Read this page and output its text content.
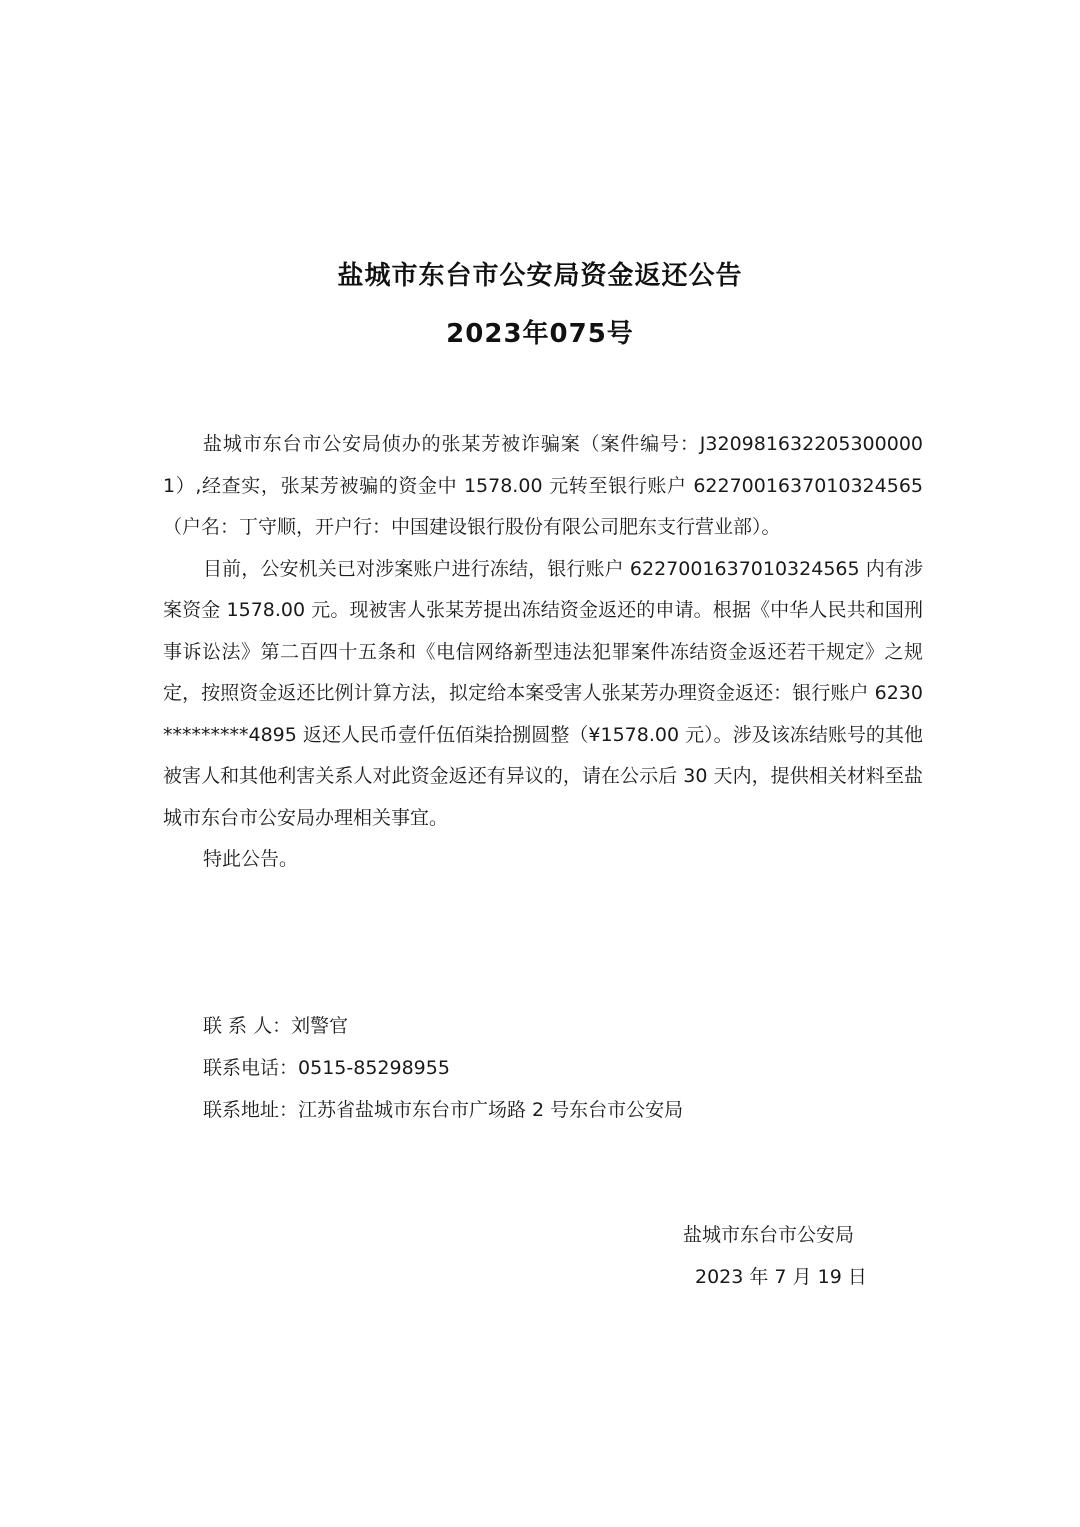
盐城市东台市公安局资金返还公告
2023年075号

盐城市东台市公安局侦办的张某芳被诈骗案（案件编号：J3209816322053000001）,经查实，张某芳被骗的资金中 1578.00 元转至银行账户 6227001637010324565（户名：丁守顺，开户行：中国建设银行股份有限公司肥东支行营业部）。

目前，公安机关已对涉案账户进行冻结，银行账户 6227001637010324565 内有涉案资金 1578.00 元。现被害人张某芳提出冻结资金返还的申请。根据《中华人民共和国刑事诉讼法》第二百四十五条和《电信网络新型违法犯罪案件冻结资金返还若干规定》之规定，按照资金返还比例计算方法，拟定给本案受害人张某芳办理资金返还：银行账户 6230*********4895 返还人民币壹仟伍佰柒拾捌圆整（¥1578.00 元）。涉及该冻结账号的其他被害人和其他利害关系人对此资金返还有异议的，请在公示后 30 天内，提供相关材料至盐城市东台市公安局办理相关事宜。

特此公告。

联 系 人：刘警官
联系电话：0515-85298955
联系地址：江苏省盐城市东台市广场路 2 号东台市公安局
盐城市东台市公安局
2023 年 7 月 19 日
